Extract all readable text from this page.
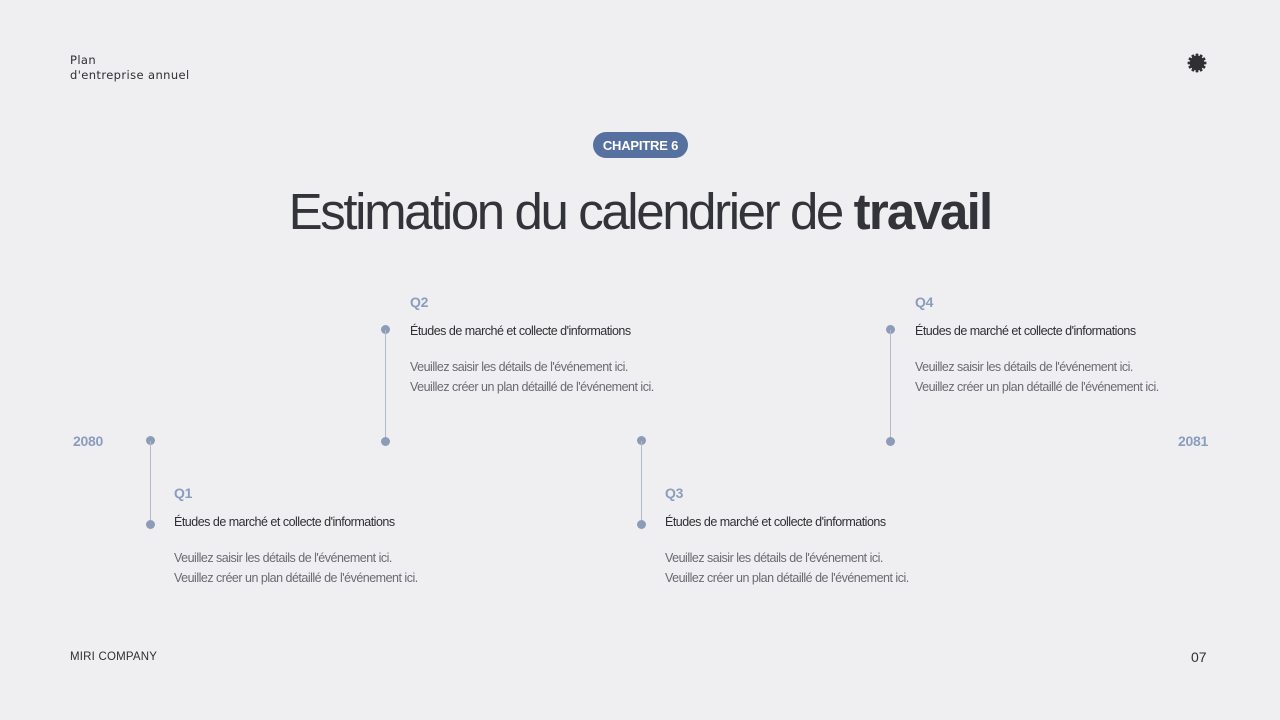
Plan
d'entreprise annuel
CHAPITRE 6
Estimation du calendrier de travail
2080	2081
Q1
Études de marché et collecte d'informations
Veuillez saisir les détails de l'événement ici.
Veuillez créer un plan détaillé de l'événement ici.
Q2
Études de marché et collecte d'informations
Veuillez saisir les détails de l'événement ici.
Veuillez créer un plan détaillé de l'événement ici.
Q3
Études de marché et collecte d'informations
Veuillez saisir les détails de l'événement ici.
Veuillez créer un plan détaillé de l'événement ici.
Q4
Études de marché et collecte d'informations
Veuillez saisir les détails de l'événement ici.
Veuillez créer un plan détaillé de l'événement ici.
MIRI COMPANY	07
